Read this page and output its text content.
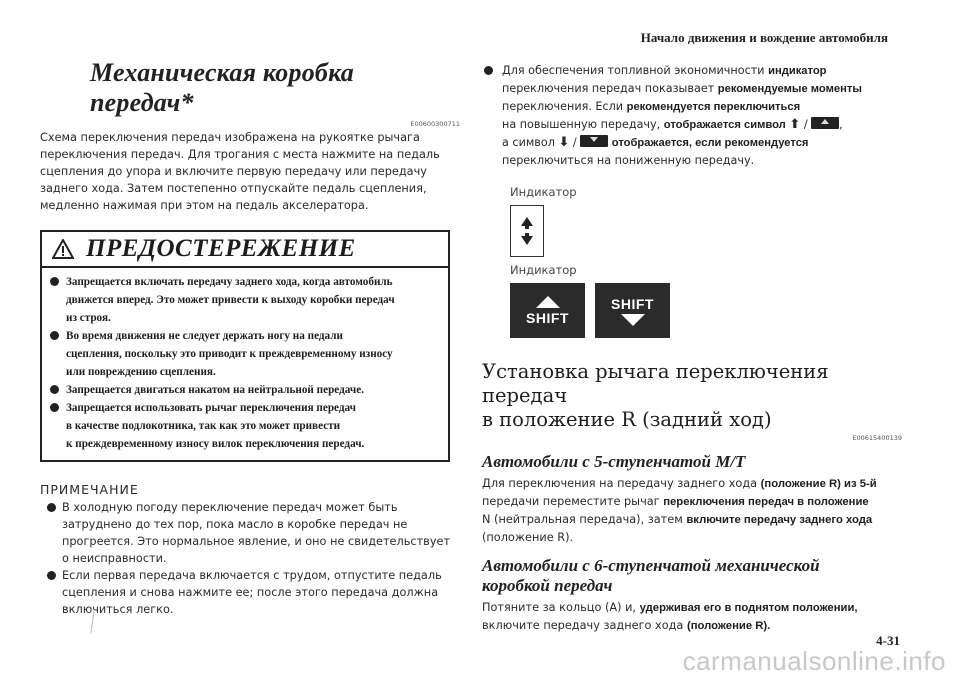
Начало движения и вождение автомобиля
Механическая коробка передач*
E00600300711

Схема переключения передач изображена на рукоятке рычага
переключения передач. Для трогания с места нажмите на педаль
сцепления до упора и включите первую передачу или передачу
заднего хода. Затем постепенно отпускайте педаль сцепления,
медленно нажимая при этом на педаль акселератора.

ПРЕДОСТЕРЕЖЕНИЕ
Запрещается включать передачу заднего хода, когда автомобиль
движется вперед. Это может привести к выходу коробки передач
из строя.
Во время движения не следует держать ногу на педали
сцепления, поскольку это приводит к преждевременному износу
или повреждению сцепления.
Запрещается двигаться накатом на нейтральной передаче.
Запрещается использовать рычаг переключения передач
в качестве подлокотника, так как это может привести
к преждевременному износу вилок переключения передач.
ПРИМЕЧАНИЕ
В холодную погоду переключение передач может быть
затруднено до тех пор, пока масло в коробке передач не
прогреется. Это нормальное явление, и оно не свидетельствует
о неисправности.
Если первая передача включается с трудом, отпустите педаль
сцепления и снова нажмите ее; после этого передача должна
включиться легко.
Для обеспечения топливной экономичности индикатор
переключения передач показывает рекомендуемые моменты
переключения. Если рекомендуется переключиться
на повышенную передачу, отображается символ ⬆ /	,
а символ ⬇ /	отображается, если рекомендуется
переключиться на пониженную передачу.
Индикатор
Индикатор
SHIFT
SHIFT
Установка рычага переключения передач
в положение R (задний ход)
E00615400139
Автомобили с 5-ступенчатой M/T

Для переключения на передачу заднего хода (положение R) из 5-й
передачи переместите рычаг переключения передач в положение
N (нейтральная передача), затем включите передачу заднего хода
(положение R).

Автомобили с 6-ступенчатой механической
коробкой передач

Потяните за кольцо (A) и, удерживая его в поднятом положении,
включите передачу заднего хода (положение R).

4-31
carmanualsonline.info
